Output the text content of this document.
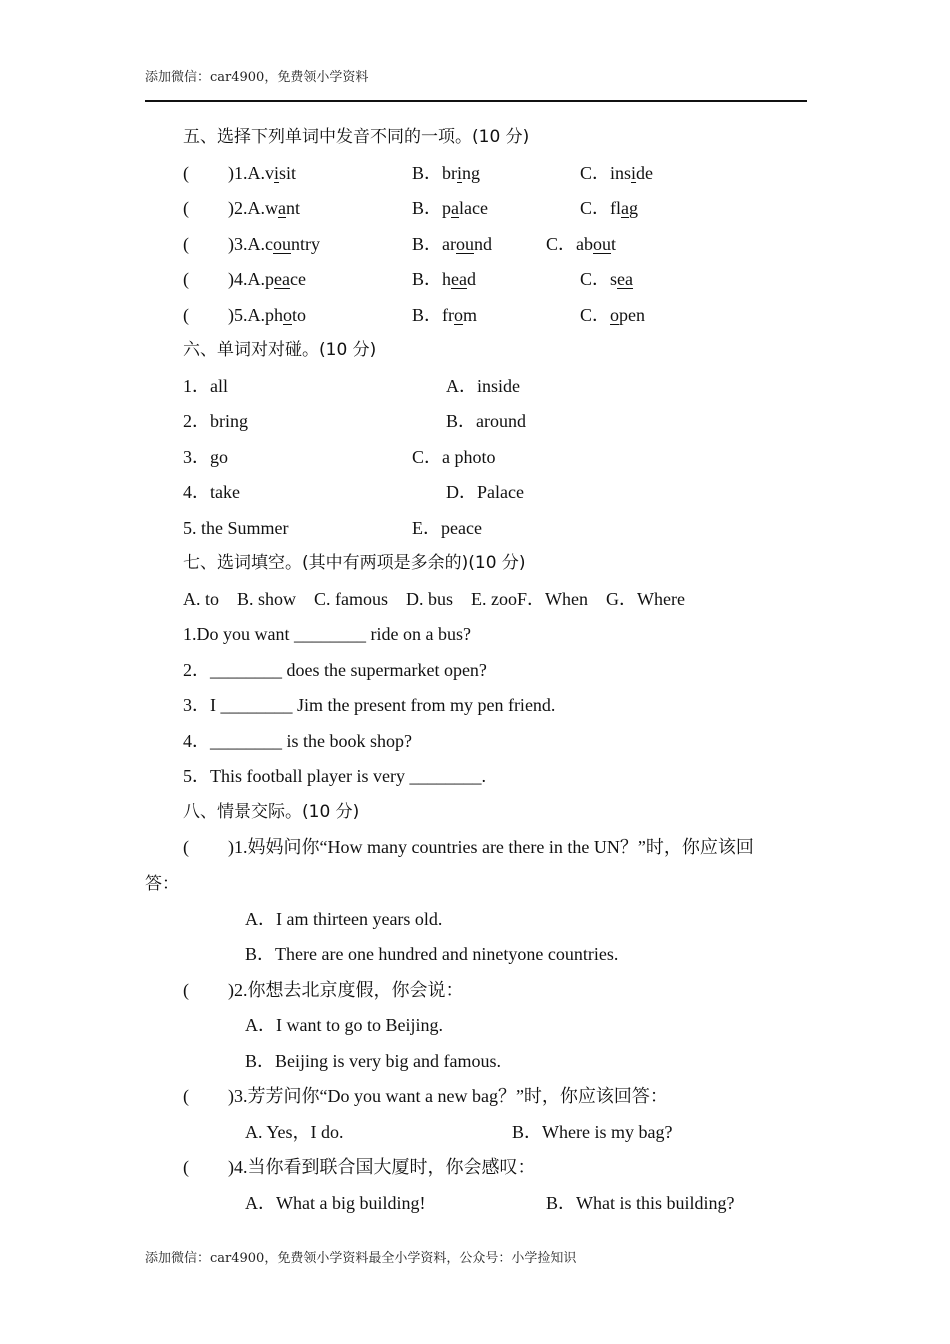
添加微信：car4900，免费领小学资料
五、选择下列单词中发音不同的一项。(10 分)
( )1.A.visit	B．bring	C．inside
( )2.A.want	B．palace	C．flag
( )3.A.country	B．around	C．about
( )4.A.peace	B．head	C．sea
( )5.A.photo	B．from	C．open
六、单词对对碰。(10 分)
1．all	A．inside
2．bring	B．around
3．go	C．a photo
4．take	D．Palace
5. the Summer	E．peace
七、选词填空。(其中有两项是多余的)(10 分)
A. to    B. show    C. famous    D. bus    E. zooF．When    G．Where
1.Do you want ________ ride on a bus?
2．________ does the supermarket open?
3．I ________ Jim the present from my pen friend.
4．________ is the book shop?
5．This football player is very ________.
八、情景交际。(10 分)
( )1.妈妈问你“How many countries are there in the UN？”时，你应该回
答：
A．I am thirteen years old.
B．There are one hundred and ninetyone countries.
( )2.你想去北京度假，你会说：
A．I want to go to Beijing.
B．Beijing is very big and famous.
( )3.芳芳问你“Do you want a new bag？”时，你应该回答：
A. Yes，I do.	B．Where is my bag?
( )4.当你看到联合国大厦时，你会感叹：
A．What a big building!	B．What is this building?
添加微信：car4900，免费领小学资料最全小学资料，公众号：小学捡知识
